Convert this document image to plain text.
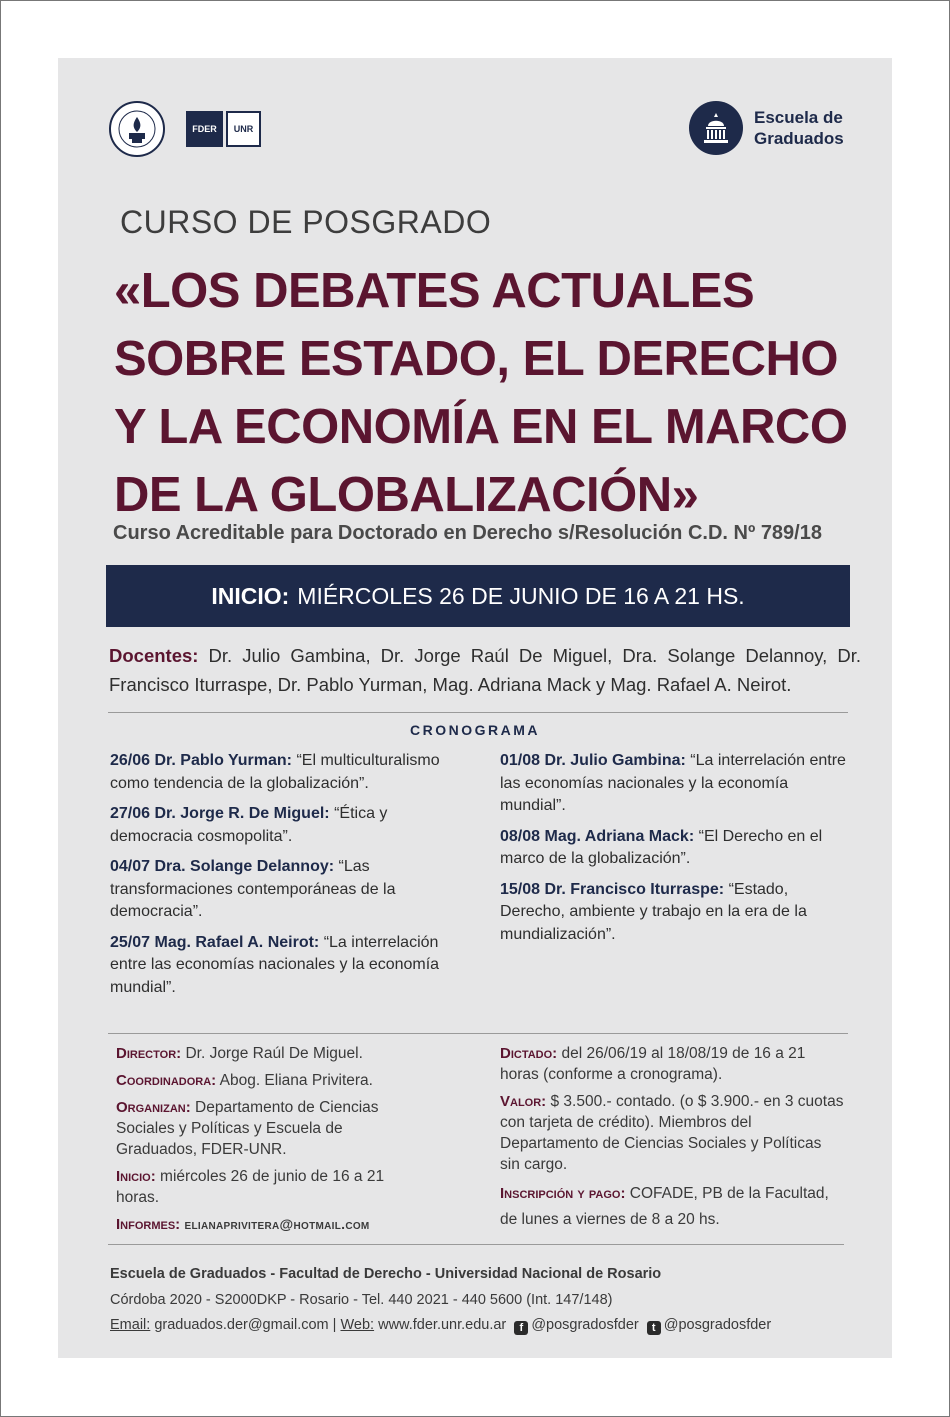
FDER	UNR
Escuela de
Graduados
CURSO DE POSGRADO
«LOS DEBATES ACTUALES
SOBRE ESTADO, EL DERECHO
Y LA ECONOMÍA EN EL MARCO
DE LA GLOBALIZACIÓN»
Curso Acreditable para Doctorado en Derecho s/Resolución C.D. Nº 789/18
INICIO: MIÉRCOLES 26 DE JUNIO DE 16 A 21 HS.
Docentes: Dr. Julio Gambina, Dr. Jorge Raúl De Miguel, Dra. Solange Delannoy, Dr. Francisco Iturraspe, Dr. Pablo Yurman, Mag. Adriana Mack y Mag. Rafael A. Neirot.
CRONOGRAMA
26/06 Dr. Pablo Yurman: “El multiculturalismo como tendencia de la globalización”.
27/06 Dr. Jorge R. De Miguel: “Ética y democracia cosmopolita”.
04/07 Dra. Solange Delannoy: “Las transformaciones contemporáneas de la democracia”.
25/07 Mag. Rafael A. Neirot: “La interrelación entre las economías nacionales y la economía mundial”.
01/08 Dr. Julio Gambina: “La interrelación entre las economías nacionales y la economía mundial”.
08/08 Mag. Adriana Mack: “El Derecho en el marco de la globalización”.
15/08 Dr. Francisco Iturraspe: “Estado, Derecho, ambiente y trabajo en la era de la mundialización”.
Director: Dr. Jorge Raúl De Miguel.
Coordinadora: Abog. Eliana Privitera.
Organizan: Departamento de Ciencias Sociales y Políticas y Escuela de Graduados, FDER-UNR.
Inicio: miércoles 26 de junio de 16 a 21 horas.
Informes: elianaprivitera@hotmail.com
Dictado: del 26/06/19 al 18/08/19 de 16 a 21 horas (conforme a cronograma).
Valor: $ 3.500.- contado. (o $ 3.900.- en 3 cuotas con tarjeta de crédito). Miembros del Departamento de Ciencias Sociales y Políticas sin cargo.
Inscripción y pago: COFADE, PB de la Facultad, de lunes a viernes de 8 a 20 hs.
Escuela de Graduados - Facultad de Derecho - Universidad Nacional de Rosario
Córdoba 2020 - S2000DKP - Rosario - Tel. 440 2021 - 440 5600 (Int. 147/148)
Email: graduados.der@gmail.com | Web: www.fder.unr.edu.ar f @posgradosfder t @posgradosfder
